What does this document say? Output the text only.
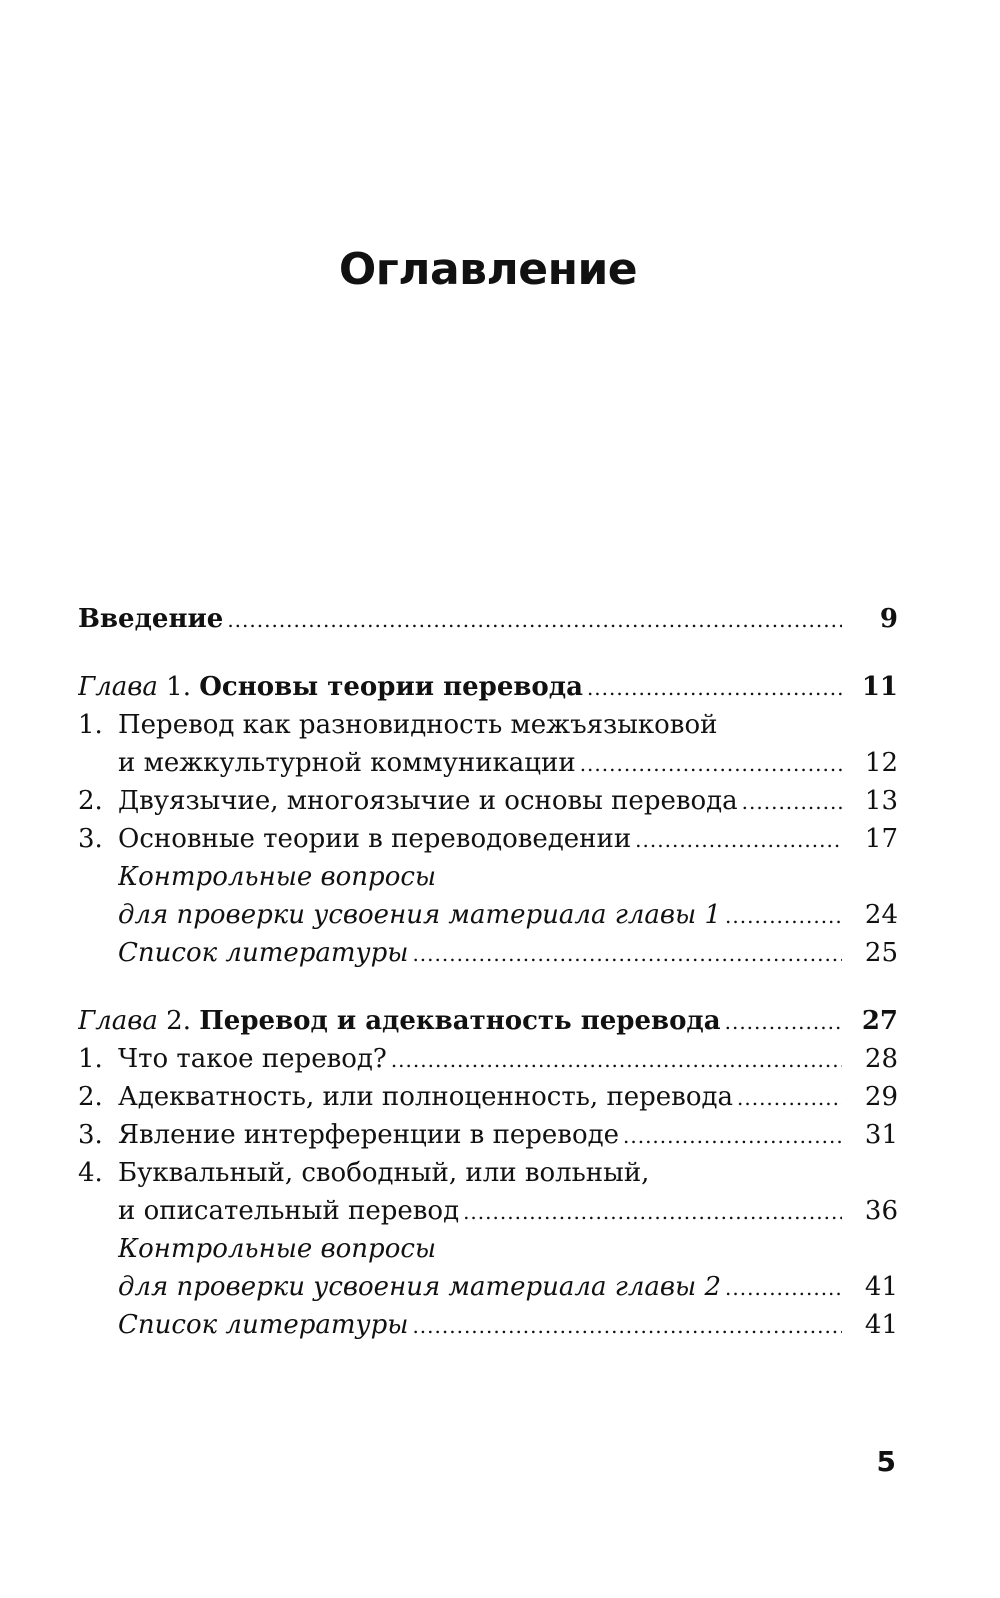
Оглавление
Введение .....	9
Глава 1. Основы теории перевода .....	11
1. Перевод как разновидность межъязыковой
и межкультурной коммуникации .....	12
2. Двуязычие, многоязычие и основы перевода .....	13
3. Основные теории в переводоведении .....	17
Контрольные вопросы
для проверки усвоения материала главы 1 .....	24
Список литературы .....	25
Глава 2. Перевод и адекватность перевода .....	27
1. Что такое перевод? .....	28
2. Адекватность, или полноценность, перевода .....	29
3. Явление интерференции в переводе .....	31
4. Буквальный, свободный, или вольный,
и описательный перевод .....	36
Контрольные вопросы
для проверки усвоения материала главы 2 .....	41
Список литературы .....	41
5
